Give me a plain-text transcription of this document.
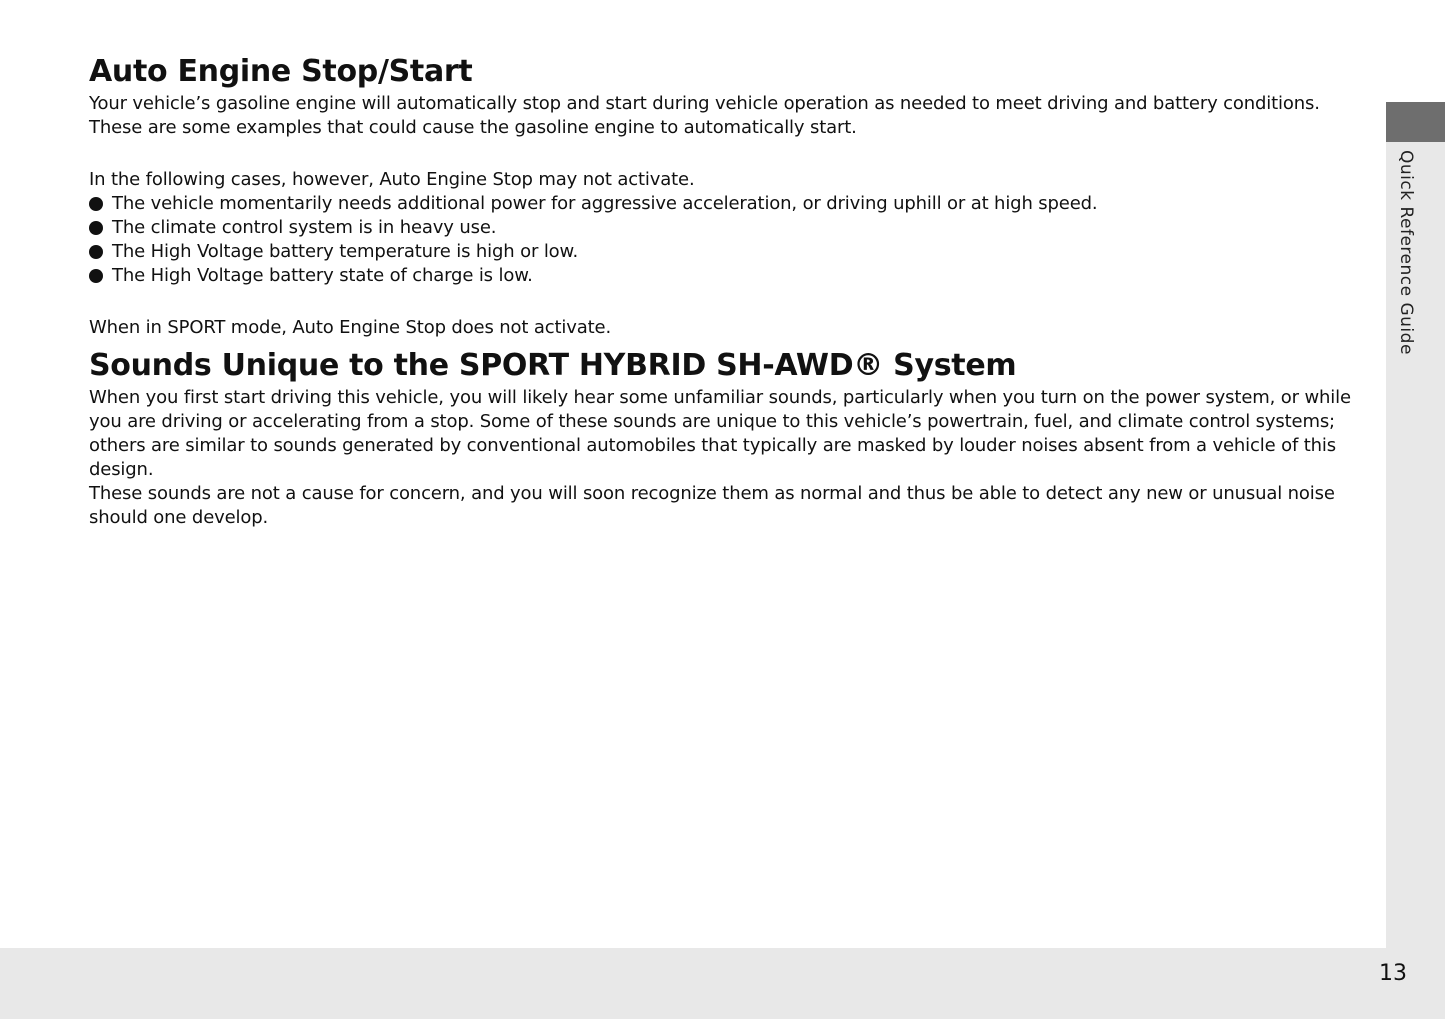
Quick Reference Guide
Auto Engine Stop/Start

Your vehicle’s gasoline engine will automatically stop and start during vehicle operation as needed to meet driving and battery conditions.

These are some examples that could cause the gasoline engine to automatically start.

In the following cases, however, Auto Engine Stop may not activate.

The vehicle momentarily needs additional power for aggressive acceleration, or driving uphill or at high speed.
The climate control system is in heavy use.
The High Voltage battery temperature is high or low.
The High Voltage battery state of charge is low.

When in SPORT mode, Auto Engine Stop does not activate.

Sounds Unique to the SPORT HYBRID SH-AWD® System

When you first start driving this vehicle, you will likely hear some unfamiliar sounds, particularly when you turn on the power system, or while you are driving or accelerating from a stop. Some of these sounds are unique to this vehicle’s powertrain, fuel, and climate control systems; others are similar to sounds generated by conventional automobiles that typically are masked by louder noises absent from a vehicle of this design.

These sounds are not a cause for concern, and you will soon recognize them as normal and thus be able to detect any new or unusual noise should one develop.

13
